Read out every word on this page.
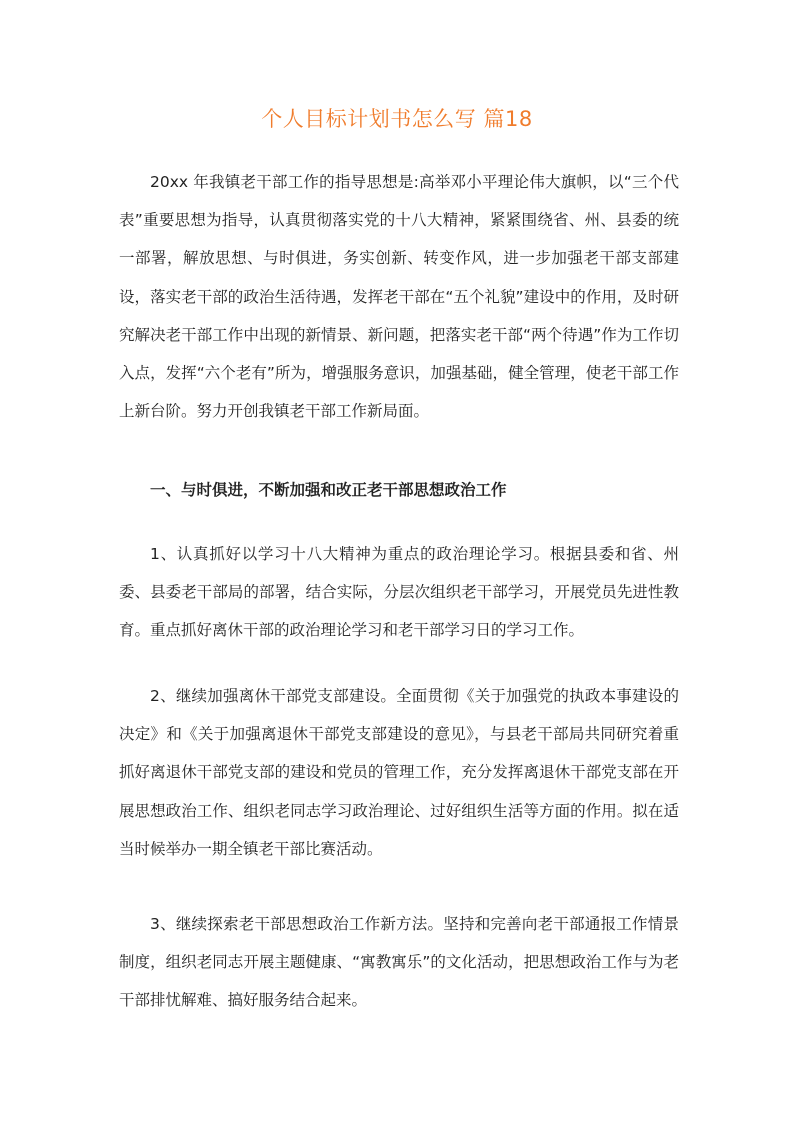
个人目标计划书怎么写 篇18

20xx 年我镇老干部工作的指导思想是:高举邓小平理论伟大旗帜，以“三个代表”重要思想为指导，认真贯彻落实党的十八大精神，紧紧围绕省、州、县委的统一部署，解放思想、与时俱进，务实创新、转变作风，进一步加强老干部支部建设，落实老干部的政治生活待遇，发挥老干部在“五个礼貌”建设中的作用，及时研究解决老干部工作中出现的新情景、新问题，把落实老干部“两个待遇”作为工作切入点，发挥“六个老有”所为，增强服务意识，加强基础，健全管理，使老干部工作上新台阶。努力开创我镇老干部工作新局面。

一、与时俱进，不断加强和改正老干部思想政治工作

1、认真抓好以学习十八大精神为重点的政治理论学习。根据县委和省、州委、县委老干部局的部署，结合实际，分层次组织老干部学习，开展党员先进性教育。重点抓好离休干部的政治理论学习和老干部学习日的学习工作。

2、继续加强离休干部党支部建设。全面贯彻《关于加强党的执政本事建设的决定》和《关于加强离退休干部党支部建设的意见》，与县老干部局共同研究着重抓好离退休干部党支部的建设和党员的管理工作，充分发挥离退休干部党支部在开展思想政治工作、组织老同志学习政治理论、过好组织生活等方面的作用。拟在适当时候举办一期全镇老干部比赛活动。

3、继续探索老干部思想政治工作新方法。坚持和完善向老干部通报工作情景制度，组织老同志开展主题健康、“寓教寓乐”的文化活动，把思想政治工作与为老干部排忧解难、搞好服务结合起来。
